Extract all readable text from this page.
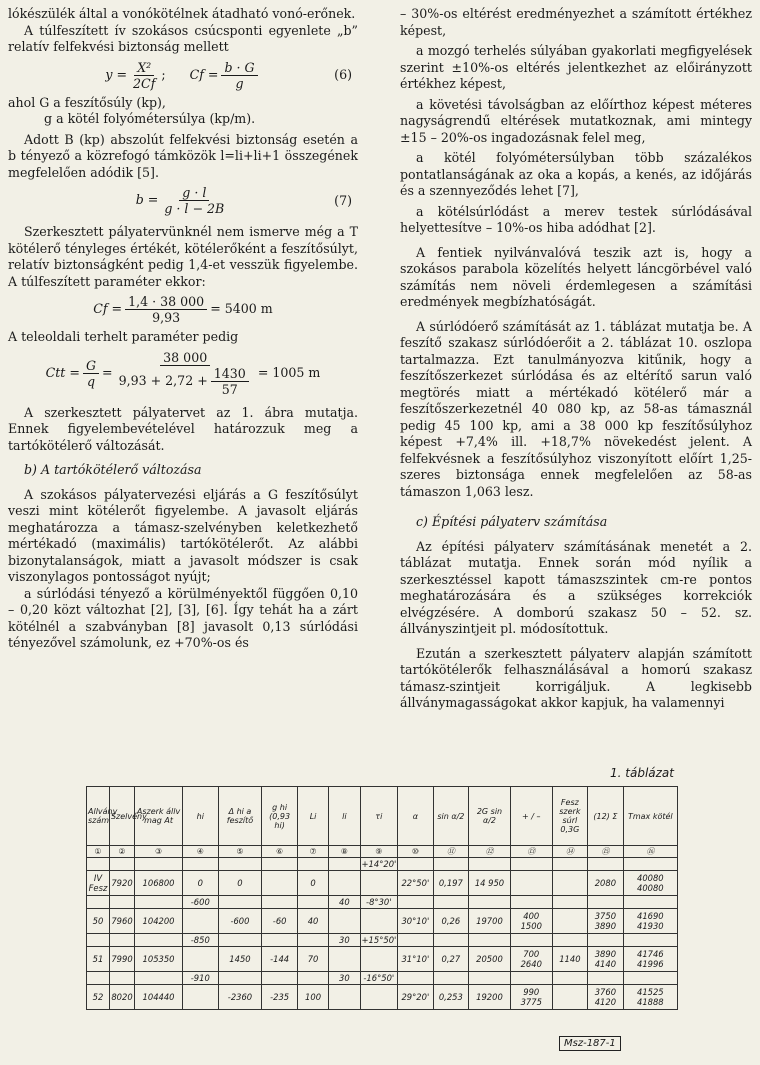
lókészülék által a vonókötélnek átadható vonó-erőnek.

A túlfeszített ív szokásos csúcsponti egyenlete „b” relatív felfekvési biztonság mellett

$y = \frac{\text{X²}}{2Cf}$ ; $Cf = \frac{b \cdot G}{g}$	(6)

ahol G a feszítősúly (kp),

g a kötél folyómétersúlya (kp/m).

Adott B (kp) abszolút felfekvési biztonság esetén a b tényező a közrefogó támközök l=li+li+1 összegének megfelelően adódik [5].

$b = \frac{g \cdot l}{g \cdot l - 2B}$	(7)

Szerkesztett pályatervünknél nem ismerve még a T kötélerő tényleges értékét, kötélerőként a feszítősúlyt, relatív biztonságként pedig 1,4-et vesszük figyelembe. A túlfeszített paraméter ekkor:

$Cf = \frac{1,4 \cdot 38 000}{9,93} = 5400$ m

A teleoldali terhelt paraméter pedig

Ctt = $\frac{G}{q} = \frac{38 000}{9,93 + 2,72 + \frac{1430}{57}} = 1005$ m

A szerkesztett pályatervet az 1. ábra mutatja. Ennek figyelembevételével határozzuk meg a tartókötélerő változását.

b) A tartókötélerő változása

A szokásos pályatervezési eljárás a G feszítősúlyt veszi mint kötélerőt figyelembe. A javasolt eljárás meghatározza a támasz-szelvényben keletkezhető mértékadó (maximális) tartókötélerőt. Az alábbi bizonytalanságok, miatt a javasolt módszer is csak viszonylagos pontosságot nyújt;

a súrlódási tényező a körülményektől függően 0,10 – 0,20 közt változhat [2], [3], [6]. Így tehát ha a zárt kötélnél a szabványban [8] javasolt 0,13 súrlódási tényezővel számolunk, ez +70%-os és

– 30%-os eltérést eredményezhet a számított értékhez képest,

a mozgó terhelés súlyában gyakorlati megfigyelések szerint ±10%-os eltérés jelentkezhet az előirányzott értékhez képest,

a követési távolságban az előírthoz képest méteres nagyságrendű eltérések mutatkoznak, ami mintegy ±15 – 20%-os ingadozásnak felel meg,

a kötél folyómétersúlyban több százalékos pontatlanságának az oka a kopás, a kenés, az időjárás és a szennyeződés lehet [7],

a kötélsúrlódást a merev testek súrlódásával helyettesítve – 10%-os hiba adódhat [2].

A fentiek nyilvánvalóvá teszik azt is, hogy a szokásos parabola közelítés helyett láncgörbével való számítás nem növeli érdemlegesen a számítási eredmények megbízhatóságát.

A súrlódóerő számítását az 1. táblázat mutatja be. A feszítő szakasz súrlódóerőit a 2. táblázat 10. oszlopa tartalmazza. Ezt tanulmányozva kitűnik, hogy a feszítőszerkezet súrlódása és az eltérítő sarun való megtörés miatt a mértékadó kötélerő már a feszítőszerkezetnél 40 080 kp, az 58-as támasznál pedig 45 100 kp, ami a 38 000 kp feszítősúlyhoz képest +7,4% ill. +18,7% növekedést jelent. A felfekvésnek a feszítősúlyhoz viszonyított előírt 1,25-szeres biztonsága ennek megfelelően az 58-as támaszon 1,063 lesz.

c) Építési pályaterv számítása

Az építési pályaterv számításának menetét a 2. táblázat mutatja. Ennek során mód nyílik a szerkesztéssel kapott támaszszintek cm-re pontos meghatározására és a szükséges korrekciók elvégzésére. A domború szakasz 50 – 52. sz. állványszintjeit pl. módosítottuk.

Ezután a szerkesztett pályaterv alapján számított tartókötélerők felhasználásával a homorú szakasz támasz-szintjeit korrigáljuk. A legkisebb állványmagasságokat akkor kapjuk, ha valamennyi

1. táblázat
Allvány szám	Szelvény	Aszerk állv mag At	hi	Δ hi a feszítő	g hi (0,93 hi)	Li	li	τi	α	sin α/2	2G sin α/2	+ / –	Fesz szerk súrl 0,3G	(12) Σ	Tmax kötél

①	②	③	④	⑤	⑥	⑦	⑧	⑨	⑩	⑪	⑫	⑬	⑭	⑮	⑯
								+14°20'							
IV Fesz	7920	106800	0	0		0			22°50'	0,197	14 950			2080	40080 40080
			-600				40	-8°30'							
50	7960	104200		-600	-60	40			30°10'	0,26	19700	400 1500		3750 3890	41690 41930
			-850				30	+15°50'							
51	7990	105350		1450	-144	70			31°10'	0,27	20500	700 2640	1140	3890 4140	41746 41996
			-910				30	-16°50'							
52	8020	104440		-2360	-235	100			29°20'	0,253	19200	990 3775		3760 4120	41525 41888
Msz-187-1
